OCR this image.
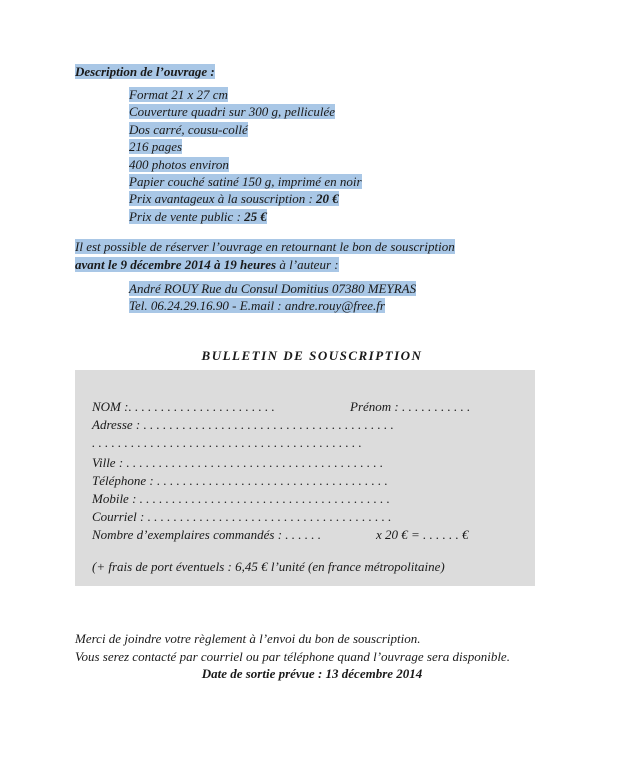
Description de l’ouvrage :
Format 21 x 27 cm
Couverture quadri sur 300 g, pelliculée
Dos carré, cousu-collé
216 pages
400 photos environ
Papier couché satiné 150 g, imprimé en noir
Prix avantageux à la souscription : 20 €
Prix de vente public : 25 €
Il est possible de réserver l’ouvrage en retournant le bon de souscription
avant le 9 décembre 2014 à 19 heures à l’auteur :
André ROUY Rue du Consul Domitius 07380 MEYRAS
Tel. 06.24.29.16.90 - E.mail : andre.rouy@free.fr
BULLETIN DE SOUSCRIPTION
NOM :. . . . . . . . . . . . . . . . . . . . . . .	Prénom : . . . . . . . . . . .
Adresse : . . . . . . . . . . . . . . . . . . . . . . . . . . . . . . . . . . . . . . .
. . . . . . . . . . . . . . . . . . . . . . . . . . . . . . . . . . . . . . . . . .
Ville : . . . . . . . . . . . . . . . . . . . . . . . . . . . . . . . . . . . . . . . .
Téléphone : . . . . . . . . . . . . . . . . . . . . . . . . . . . . . . . . . . . .
Mobile : . . . . . . . . . . . . . . . . . . . . . . . . . . . . . . . . . . . . . . .
Courriel : . . . . . . . . . . . . . . . . . . . . . . . . . . . . . . . . . . . . . .
Nombre d’exemplaires commandés : . . . . . .	x 20 € = . . . . . . €
(+ frais de port éventuels : 6,45 € l’unité (en france métropolitaine)
Merci de joindre votre règlement à l’envoi du bon de souscription.
Vous serez contacté par courriel ou par téléphone quand l’ouvrage sera disponible.
Date de sortie prévue : 13 décembre 2014
